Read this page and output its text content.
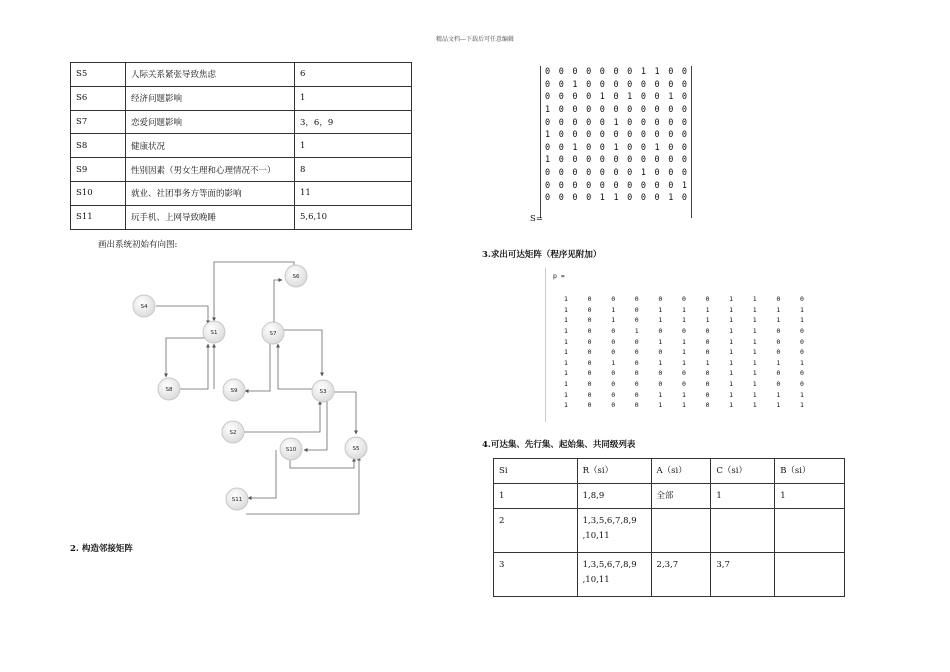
精品文档---下载后可任意编辑
S5	人际关系紧张导致焦虑	6
S6	经济问题影响	1
S7	恋爱问题影响	3，6，9
S8	健康状况	1
S9	性别因素（男女生理和心理情况不一）	8
S10	就业、社团事务方等面的影响	11
S11	玩手机、上网导致晚睡	5,6,10
画出系统初始有向图:
S1
S2
S3
S4
S5
S6
S7
S8	S9
S10
S11
2. 构造邻接矩阵
0 0 0 0 0 0 0 1 1 0 0
0 0 1 0 0 0 0 0 0 0 0
0 0 0 0 1 0 1 0 0 1 0
1 0 0 0 0 0 0 0 0 0 0
0 0 0 0 0 1 0 0 0 0 0
1 0 0 0 0 0 0 0 0 0 0
0 0 1 0 0 1 0 0 1 0 0
1 0 0 0 0 0 0 0 0 0 0
0 0 0 0 0 0 0 1 0 0 0
0 0 0 0 0 0 0 0 0 0 1
0 0 0 0 1 1 0 0 0 1 0
S=
3.求出可达矩阵（程序见附加）
p =
1	0	0	0	0	0	0	1	1	0	0
1	0	1	0	1	1	1	1	1	1	1
1	0	1	0	1	1	1	1	1	1	1
1	0	0	1	0	0	0	1	1	0	0
1	0	0	0	1	1	0	1	1	0	0
1	0	0	0	0	1	0	1	1	0	0
1	0	1	0	1	1	1	1	1	1	1
1	0	0	0	0	0	0	1	1	0	0
1	0	0	0	0	0	0	1	1	0	0
1	0	0	0	1	1	0	1	1	1	1
1	0	0	0	1	1	0	1	1	1	1
4.可达集、先行集、起始集、共同级列表
Si	R（si）	A（si）	C（si）	B（si）
1	1,8,9	全部	1	1
2	1,3,5,6,7,8,9
,10,11			
3	1,3,5,6,7,8,9
,10,11	2,3,7	3,7	
